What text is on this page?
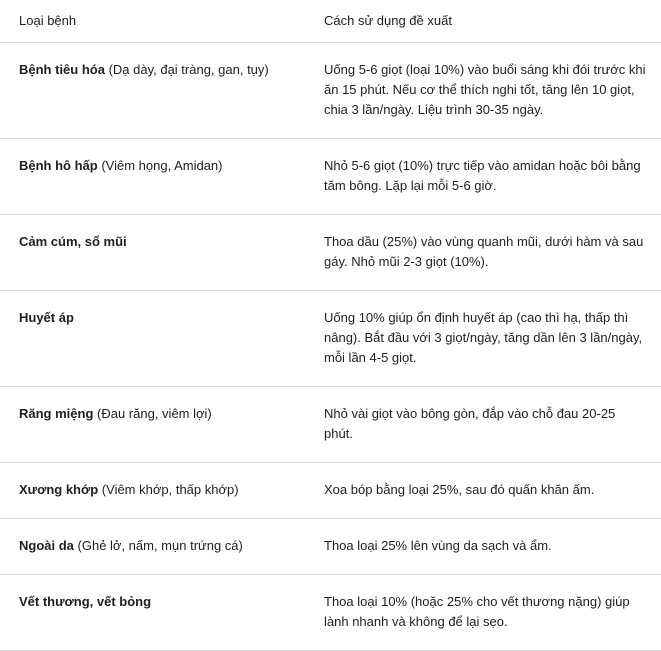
Loại bệnh	Cách sử dụng đề xuất
Bệnh tiêu hóa (Dạ dày, đại tràng, gan, tụy)	Uống 5-6 giọt (loại 10%) vào buổi sáng khi đói trước khi ăn 15 phút. Nếu cơ thể thích nghi tốt, tăng lên 10 giọt, chia 3 lần/ngày. Liệu trình 30-35 ngày.
Bệnh hô hấp (Viêm họng, Amidan)	Nhỏ 5-6 giọt (10%) trực tiếp vào amidan hoặc bôi bằng tăm bông. Lặp lại mỗi 5-6 giờ.
Cảm cúm, sổ mũi	Thoa dầu (25%) vào vùng quanh mũi, dưới hàm và sau gáy. Nhỏ mũi 2-3 giọt (10%).
Huyết áp	Uống 10% giúp ổn định huyết áp (cao thì hạ, thấp thì nâng). Bắt đầu với 3 giọt/ngày, tăng dần lên 3 lần/ngày, mỗi lần 4-5 giọt.
Răng miệng (Đau răng, viêm lợi)	Nhỏ vài giọt vào bông gòn, đắp vào chỗ đau 20-25 phút.
Xương khớp (Viêm khớp, thấp khớp)	Xoa bóp bằng loại 25%, sau đó quấn khăn ấm.
Ngoài da (Ghẻ lở, nấm, mụn trứng cá)	Thoa loại 25% lên vùng da sạch và ẩm.
Vết thương, vết bỏng	Thoa loại 10% (hoặc 25% cho vết thương nặng) giúp lành nhanh và không để lại sẹo.
